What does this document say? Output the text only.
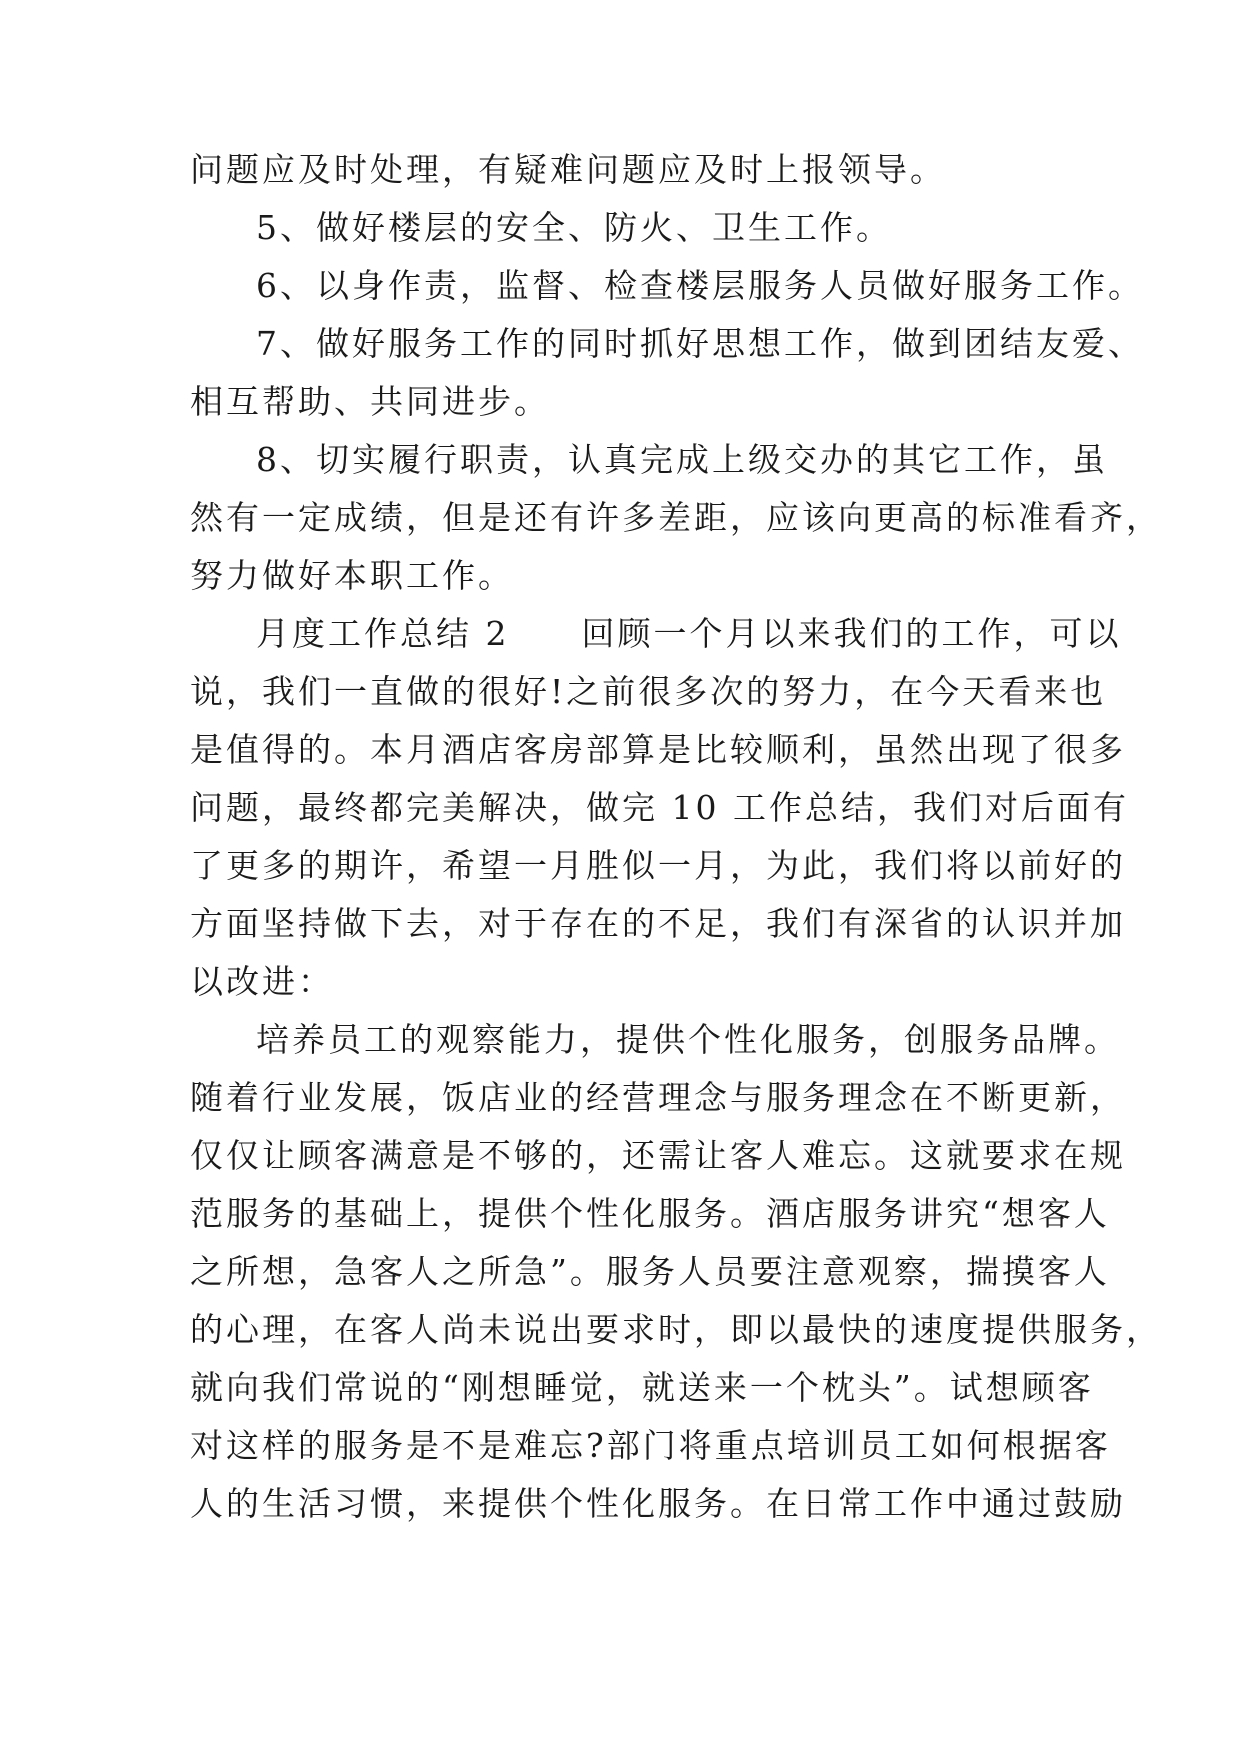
问题应及时处理，有疑难问题应及时上报领导。
5、做好楼层的安全、防火、卫生工作。
6、以身作责，监督、检查楼层服务人员做好服务工作。
7、做好服务工作的同时抓好思想工作，做到团结友爱、
相互帮助、共同进步。
8、切实履行职责，认真完成上级交办的其它工作，虽
然有一定成绩，但是还有许多差距，应该向更高的标准看齐，
努力做好本职工作。
月度工作总结 2　　回顾一个月以来我们的工作，可以
说，我们一直做的很好!之前很多次的努力，在今天看来也
是值得的。本月酒店客房部算是比较顺利，虽然出现了很多
问题，最终都完美解决，做完 10 工作总结，我们对后面有
了更多的期许，希望一月胜似一月，为此，我们将以前好的
方面坚持做下去，对于存在的不足，我们有深省的认识并加
以改进：
培养员工的观察能力，提供个性化服务，创服务品牌。
随着行业发展，饭店业的经营理念与服务理念在不断更新，
仅仅让顾客满意是不够的，还需让客人难忘。这就要求在规
范服务的基础上，提供个性化服务。酒店服务讲究“想客人
之所想，急客人之所急”。服务人员要注意观察，揣摸客人
的心理，在客人尚未说出要求时，即以最快的速度提供服务，
就向我们常说的“刚想睡觉，就送来一个枕头”。试想顾客
对这样的服务是不是难忘?部门将重点培训员工如何根据客
人的生活习惯，来提供个性化服务。在日常工作中通过鼓励
